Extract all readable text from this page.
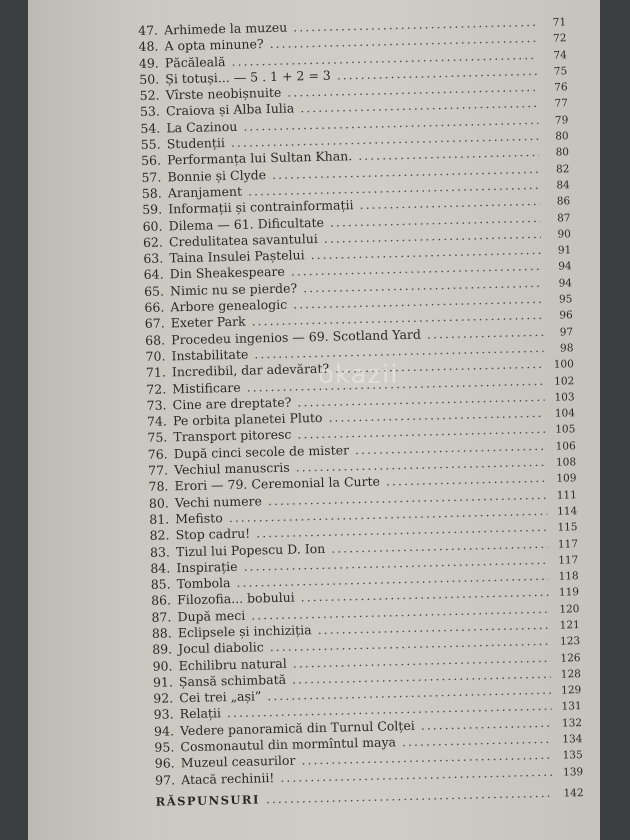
47. Arhimede la muzeu .....	71
48. A opta minune? .....	72
49. Păcăleală .....	74
50. Și totuși... — 5 . 1 + 2 = 3 .....	75
52. Vîrste neobișnuite .....	76
53. Craiova și Alba Iulia .....	77
54. La Cazinou .....	79
55. Studenții .....	80
56. Performanța lui Sultan Khan. .....	80
57. Bonnie și Clyde .....	82
58. Aranjament .....	84
59. Informații și contrainformații .....	86
60. Dilema — 61. Dificultate .....	87
62. Credulitatea savantului .....	90
63. Taina Insulei Paștelui .....	91
64. Din Sheakespeare .....	94
65. Nimic nu se pierde? .....	94
66. Arbore genealogic .....	95
67. Exeter Park .....	96
68. Procedeu ingenios — 69. Scotland Yard .....	97
70. Instabilitate .....	98
71. Incredibil, dar adevărat? .....	100
72. Mistificare .....	102
73. Cine are dreptate? .....	103
74. Pe orbita planetei Pluto .....	104
75. Transport pitoresc .....	105
76. După cinci secole de mister .....	106
77. Vechiul manuscris .....	108
78. Erori — 79. Ceremonial la Curte .....	109
80. Vechi numere .....	111
81. Mefisto .....	114
82. Stop cadru! .....	115
83. Tizul lui Popescu D. Ion .....	117
84. Inspirație .....	117
85. Tombola .....	118
86. Filozofia... bobului .....	119
87. După meci .....	120
88. Eclipsele și inchiziția .....	121
89. Jocul diabolic .....	123
90. Echilibru natural .....	126
91. Șansă schimbată .....	128
92. Cei trei „ași” .....	129
93. Relații .....	131
94. Vedere panoramică din Turnul Colței .....	132
95. Cosmonautul din mormîntul maya .....	134
96. Muzeul ceasurilor .....	135
97. Atacă rechinii! .....	139
RĂSPUNSURI .....	142
okazii
